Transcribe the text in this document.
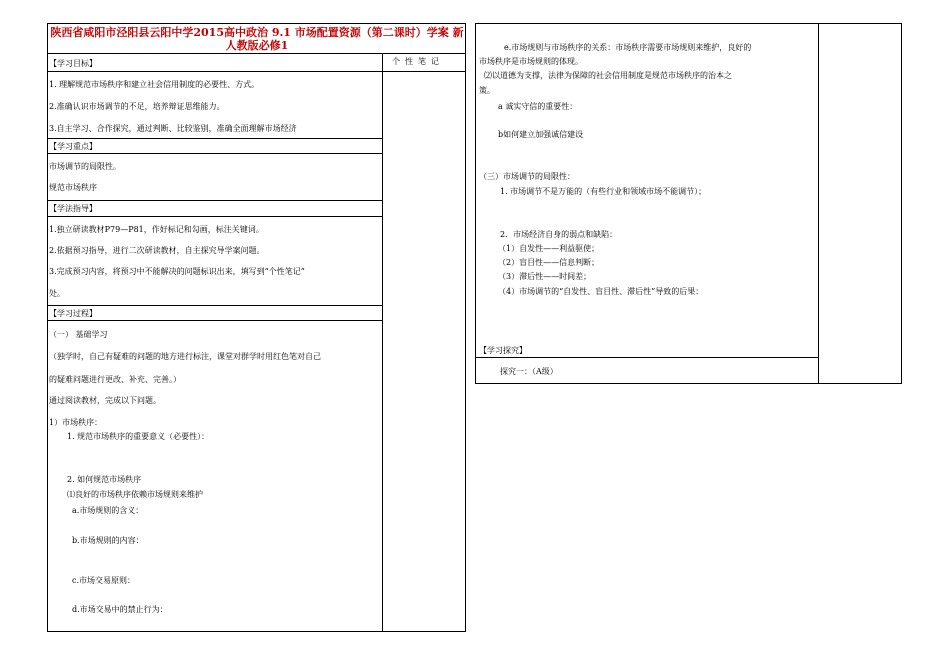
陕西省咸阳市泾阳县云阳中学2015高中政治 9.1 市场配置资源（第二课时）学案 新人教版必修1
个性笔记
【学习目标】
1. 理解规范市场秩序和建立社会信用制度的必要性、方式。
2.准确认识市场调节的不足，培养辩证思维能力。
3.自主学习、合作探究，通过判断、比较鉴别，准确全面理解市场经济
【学习重点】
市场调节的局限性。
规范市场秩序
【学法指导】
1.独立研读教材P79—P81，作好标记和勾画，标注关键词。
2.依据预习指导，进行二次研读教材，自主探究导学案问题。
3.完成预习内容，将预习中不能解决的问题标识出来，填写到“个性笔记”
处。
【学习过程】
（一） 基础学习
（独学时，自己有疑难的问题的地方进行标注，课堂对群学时用红色笔对自己
的疑难问题进行更改、补充、完善。）
通过阅读教材，完成以下问题。
1）市场秩序：
1. 规范市场秩序的重要意义（必要性）：
2. 如何规范市场秩序
⑴良好的市场秩序依赖市场规则来维护
a.市场规则的含义：
b.市场规则的内容：
c.市场交易原则：
d.市场交易中的禁止行为：
e.市场规则与市场秩序的关系：市场秩序需要市场规则来维护，良好的
市场秩序是市场规则的体现。
⑵以道德为支撑，法律为保障的社会信用制度是规范市场秩序的治本之
策。
a 诚实守信的重要性：
b如何建立加强诚信建设
（三）市场调节的局限性：
1. 市场调节不是万能的（有些行业和领域市场不能调节）；
2．市场经济自身的弱点和缺陷：
（1）自发性——利益驱使；
（2）盲目性——信息判断；
（3）滞后性——时间差；
（4）市场调节的“自发性、盲目性、滞后性”导致的后果：
【学习探究】
探究一：（A级）
